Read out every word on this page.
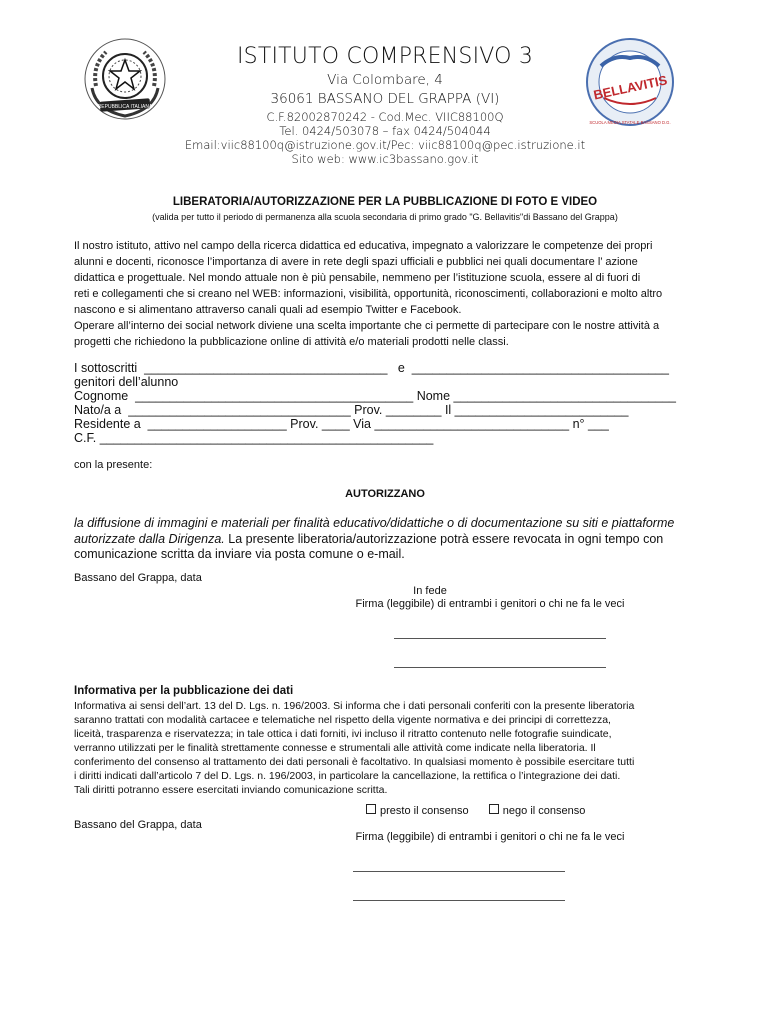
REPUBBLICA ITALIANA
BELLAVITIS
SCUOLA MEDIA STATALE BASSANO D.G.
ISTITUTO COMPRENSIVO 3
Via Colombare, 4
36061 BASSANO DEL GRAPPA (VI)
C.F.82002870242 - Cod.Mec. VIIC88100Q
Tel. 0424/503078 – fax 0424/504044
Email:viic88100q@istruzione.gov.it/Pec: viic88100q@pec.istruzione.it
Sito web: www.ic3bassano.gov.it
LIBERATORIA/AUTORIZZAZIONE PER LA PUBBLICAZIONE DI FOTO E VIDEO
(valida per tutto il periodo di permanenza alla scuola secondaria di primo grado "G. Bellavitis"di Bassano del Grappa)
Il nostro istituto, attivo nel campo della ricerca didattica ed educativa, impegnato a valorizzare le competenze dei propri
alunni e docenti, riconosce l’importanza di avere in rete degli spazi ufficiali e pubblici nei quali documentare l’ azione
didattica e progettuale. Nel mondo attuale non è più pensabile, nemmeno per l’istituzione scuola, essere al di fuori di
reti e collegamenti che si creano nel WEB: informazioni, visibilità, opportunità, riconoscimenti, collaborazioni e molto altro
nascono e si alimentano attraverso canali quali ad esempio Twitter e Facebook.
Operare all’interno dei social network diviene una scelta importante che ci permette di partecipare con le nostre attività a
progetti che richiedono la pubblicazione online di attività e/o materiali prodotti nelle classi.
I sottoscritti  ___________________________________   e  _____________________________________
genitori dell’alunno
Cognome  ________________________________________ Nome ________________________________
Nato/a a  ________________________________ Prov. ________ Il _________________________
Residente a  ____________________ Prov. ____ Via ____________________________ n° ___
C.F. ________________________________________________
con la presente:
AUTORIZZANO
la diffusione di immagini e materiali per finalità educativo/didattiche o di documentazione su siti e piattaforme
autorizzate dalla Dirigenza. La presente liberatoria/autorizzazione potrà essere revocata in ogni tempo con
comunicazione scritta da inviare via posta comune o e-mail.
Bassano del Grappa, data
In fede
Firma (leggibile) di entrambi i genitori o chi ne fa le veci
Informativa per la pubblicazione dei dati
Informativa ai sensi dell’art. 13 del D. Lgs. n. 196/2003. Si informa che i dati personali conferiti con la presente liberatoria
saranno trattati con modalità cartacee e telematiche nel rispetto della vigente normativa e dei principi di correttezza,
liceità, trasparenza e riservatezza; in tale ottica i dati forniti, ivi incluso il ritratto contenuto nelle fotografie suindicate,
verranno utilizzati per le finalità strettamente connesse e strumentali alle attività come indicate nella liberatoria. Il
conferimento del consenso al trattamento dei dati personali è facoltativo. In qualsiasi momento è possibile esercitare tutti
i diritti indicati dall’articolo 7 del D. Lgs. n. 196/2003, in particolare la cancellazione, la rettifica o l’integrazione dei dati.
Tali diritti potranno essere esercitati inviando comunicazione scritta.
presto il consenso	nego il consenso
Bassano del Grappa, data
Firma (leggibile) di entrambi i genitori o chi ne fa le veci
